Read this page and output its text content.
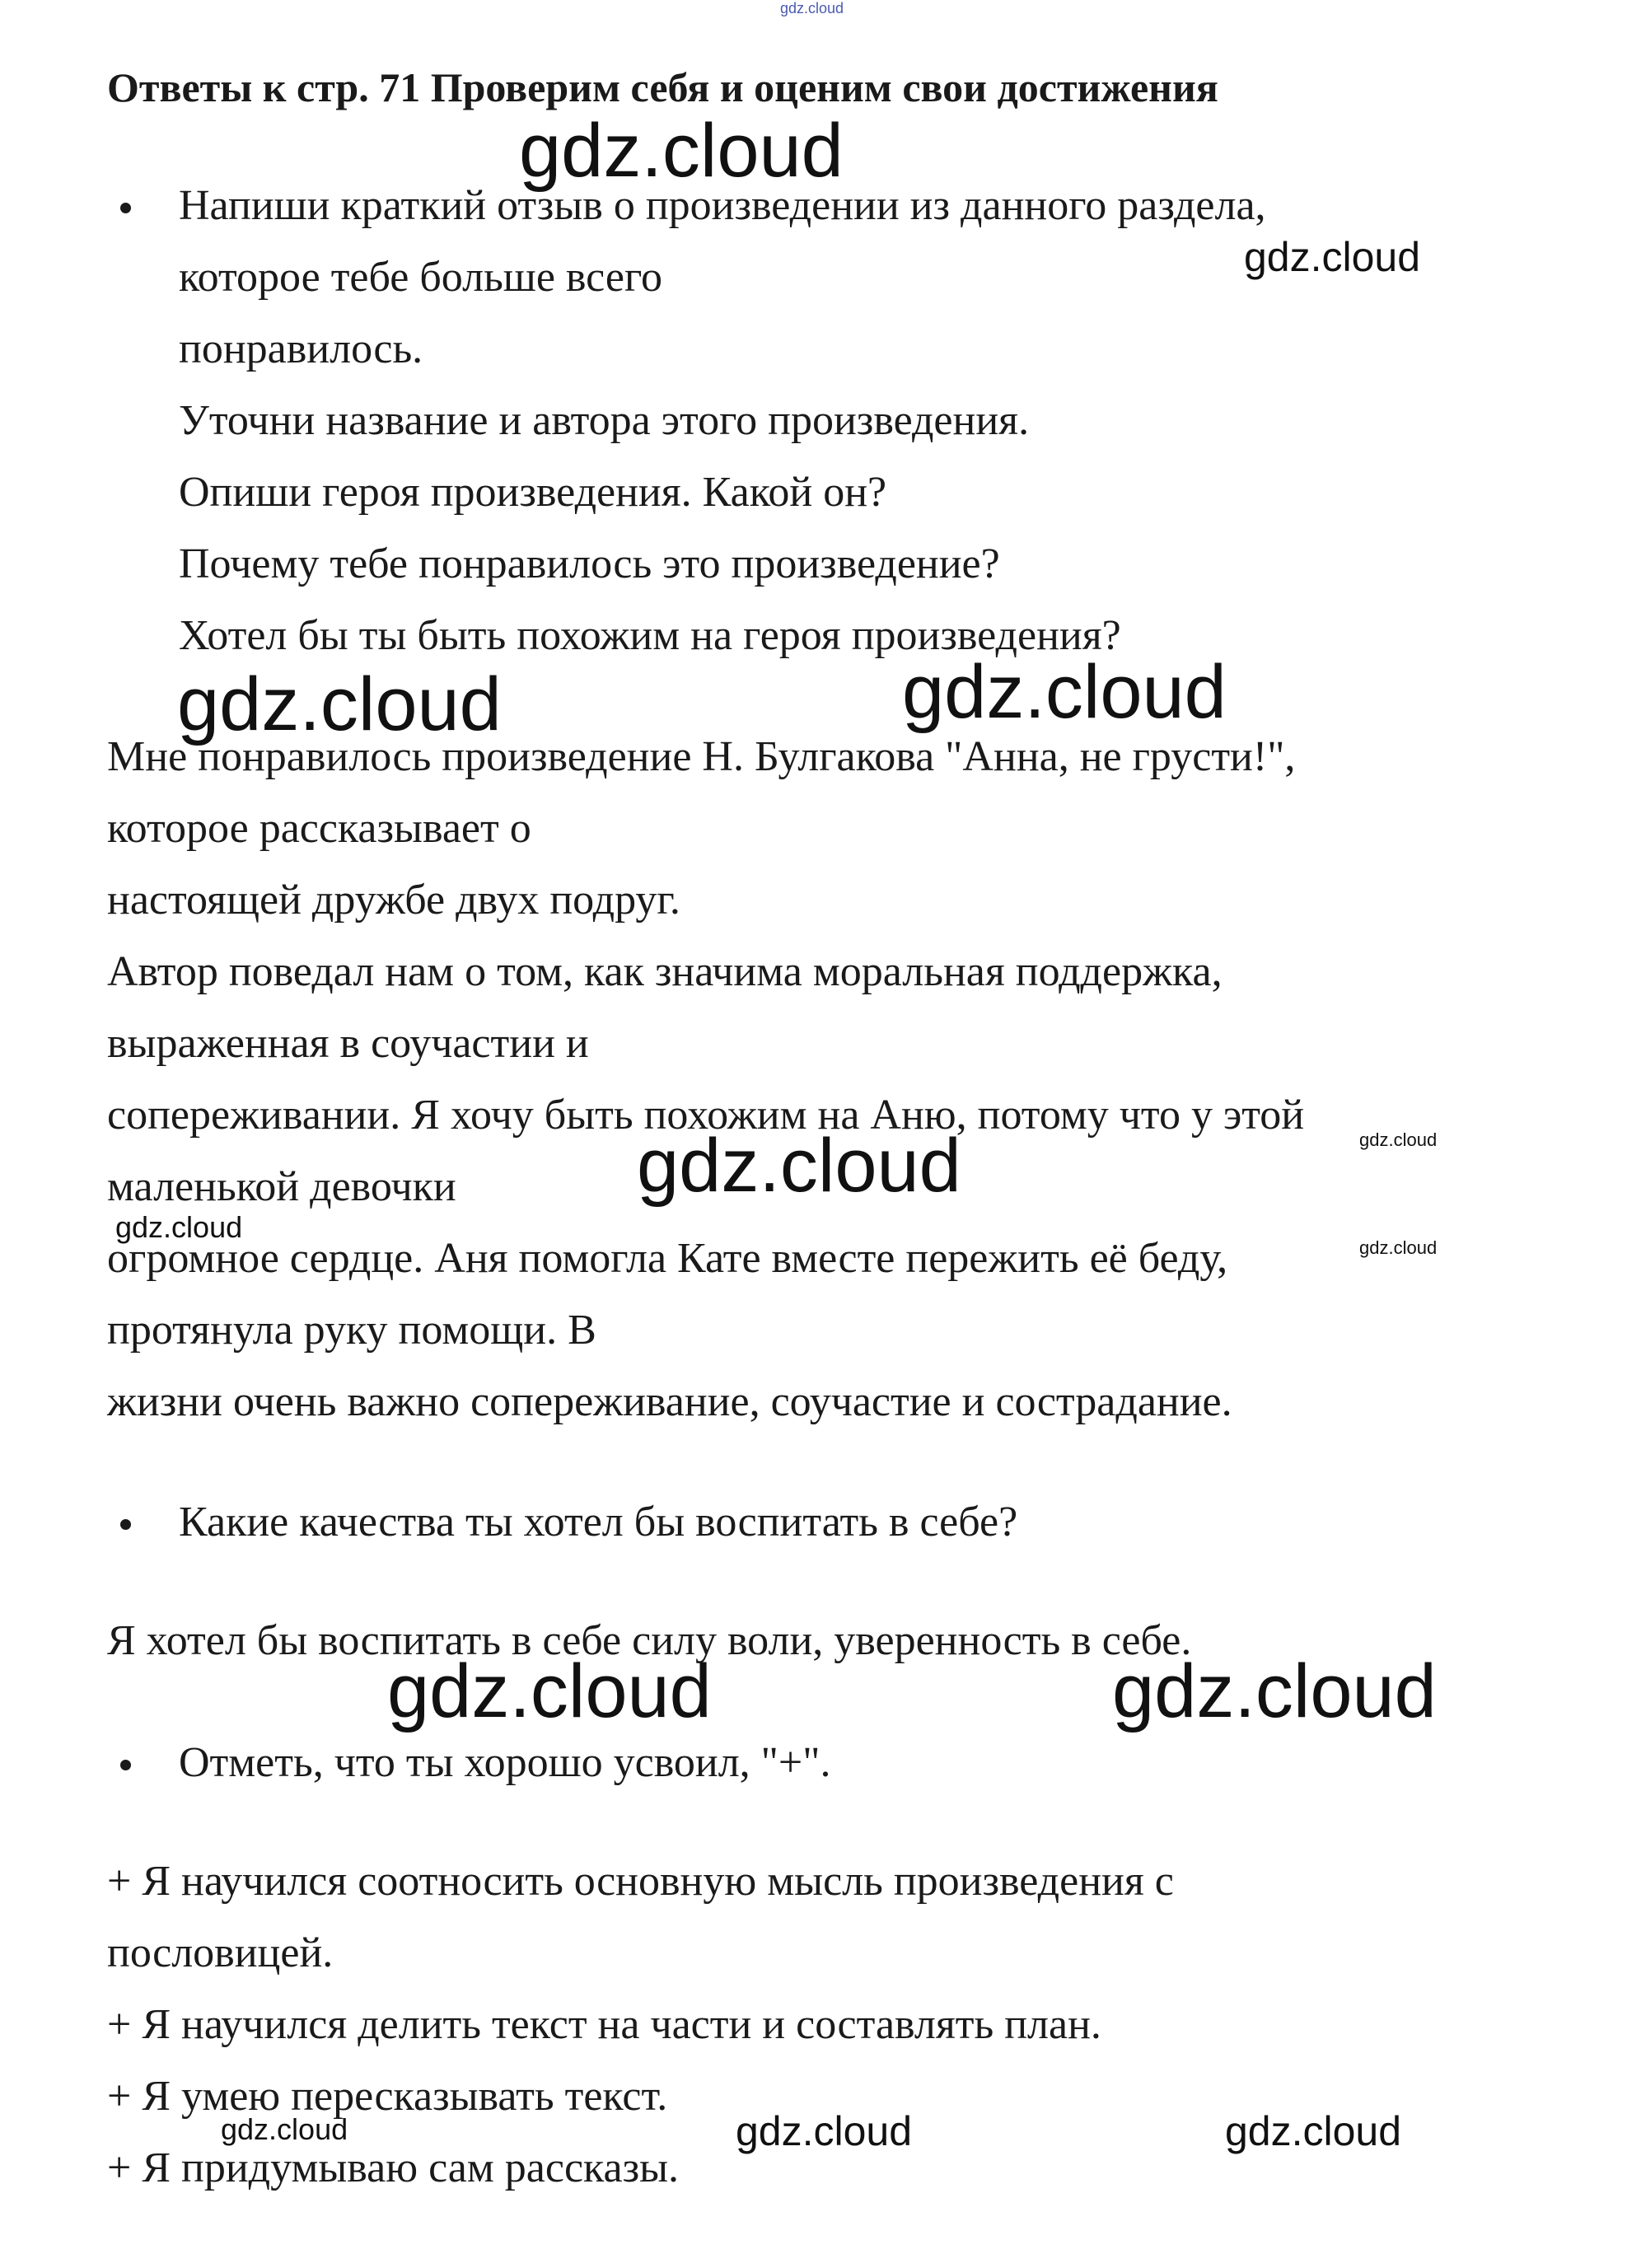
gdz.cloud
Ответы к стр. 71 Проверим себя и оценим свои достижения
Напиши краткий отзыв о произведении из данного раздела,
которое тебе больше всего
понравилось.
Уточни название и автора этого произведения.
Опиши героя произведения. Какой он?
Почему тебе понравилось это произведение?
Хотел бы ты быть похожим на героя произведения?
Мне понравилось произведение Н. Булгакова "Анна, не грусти!",
которое рассказывает о
настоящей дружбе двух подруг.
Автор поведал нам о том, как значима моральная поддержка,
выраженная в соучастии и
сопереживании. Я хочу быть похожим на Аню, потому что у этой
маленькой девочки
огромное сердце. Аня помогла Кате вместе пережить её беду,
протянула руку помощи. В
жизни очень важно сопереживание, соучастие и сострадание.
Какие качества ты хотел бы воспитать в себе?
Я хотел бы воспитать в себе силу воли, уверенность в себе.
Отметь, что ты хорошо усвоил, "+".
+ Я научился соотносить основную мысль произведения с
пословицей.
+ Я научился делить текст на части и составлять план.
+ Я умею пересказывать текст.
+ Я придумываю сам рассказы.
gdz.cloud
gdz.cloud
gdz.cloud	gdz.cloud
gdz.cloud
gdz.cloud
gdz.cloud
gdz.cloud
gdz.cloud	gdz.cloud
gdz.cloud	gdz.cloud	gdz.cloud
